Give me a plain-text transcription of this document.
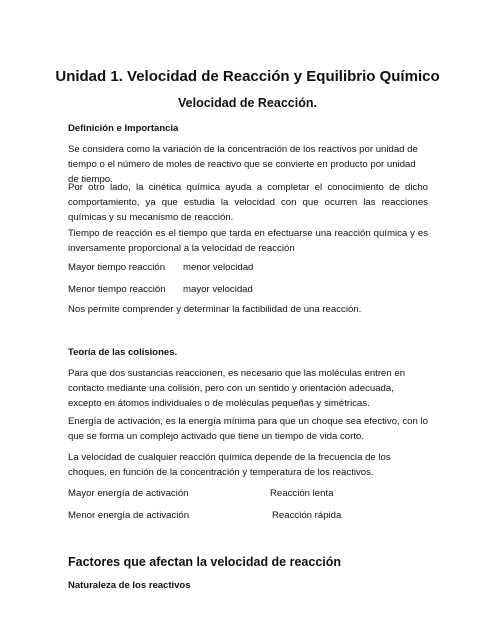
Unidad 1. Velocidad de Reacción y Equilibrio Químico
Velocidad de Reacción.
Definición e Importancia

Se considera como la variación de la concentración de los reactivos por unidad de tiempo o el número de moles de reactivo que se convierte en producto por unidad de tiempo.

Por otro lado, la cinética química ayuda a completar el conocimiento de dicho comportamiento, ya que estudia la velocidad con que ocurren las reacciones químicas y su mecanismo de reacción.

Tiempo de reacción es el tiempo que tarda en efectuarse una reacción química y es inversamente proporcional a la velocidad de reacción

Mayor tiempo reacción menor velocidad
Menor tiempo reacción mayor velocidad

Nos permite comprender y determinar la factibilidad de una reacción.

Teoría de las colisiones.

Para que dos sustancias reaccionen, es necesario que las moléculas entren en contacto mediante una colisión, pero con un sentido y orientación adecuada, excepto en átomos individuales o de moléculas pequeñas y simétricas.

Energía de activación, es la energía mínima para que un choque sea efectivo, con lo que se forma un complejo activado que tiene un tiempo de vida corto.

La velocidad de cualquier reacción química depende de la frecuencia de los choques, en función de la concentración y temperatura de los reactivos.

Mayor energía de activación	Reacción lenta
Menor energía de activación	Reacción rápida
Factores que afectan la velocidad de reacción
Naturaleza de los reactivos
